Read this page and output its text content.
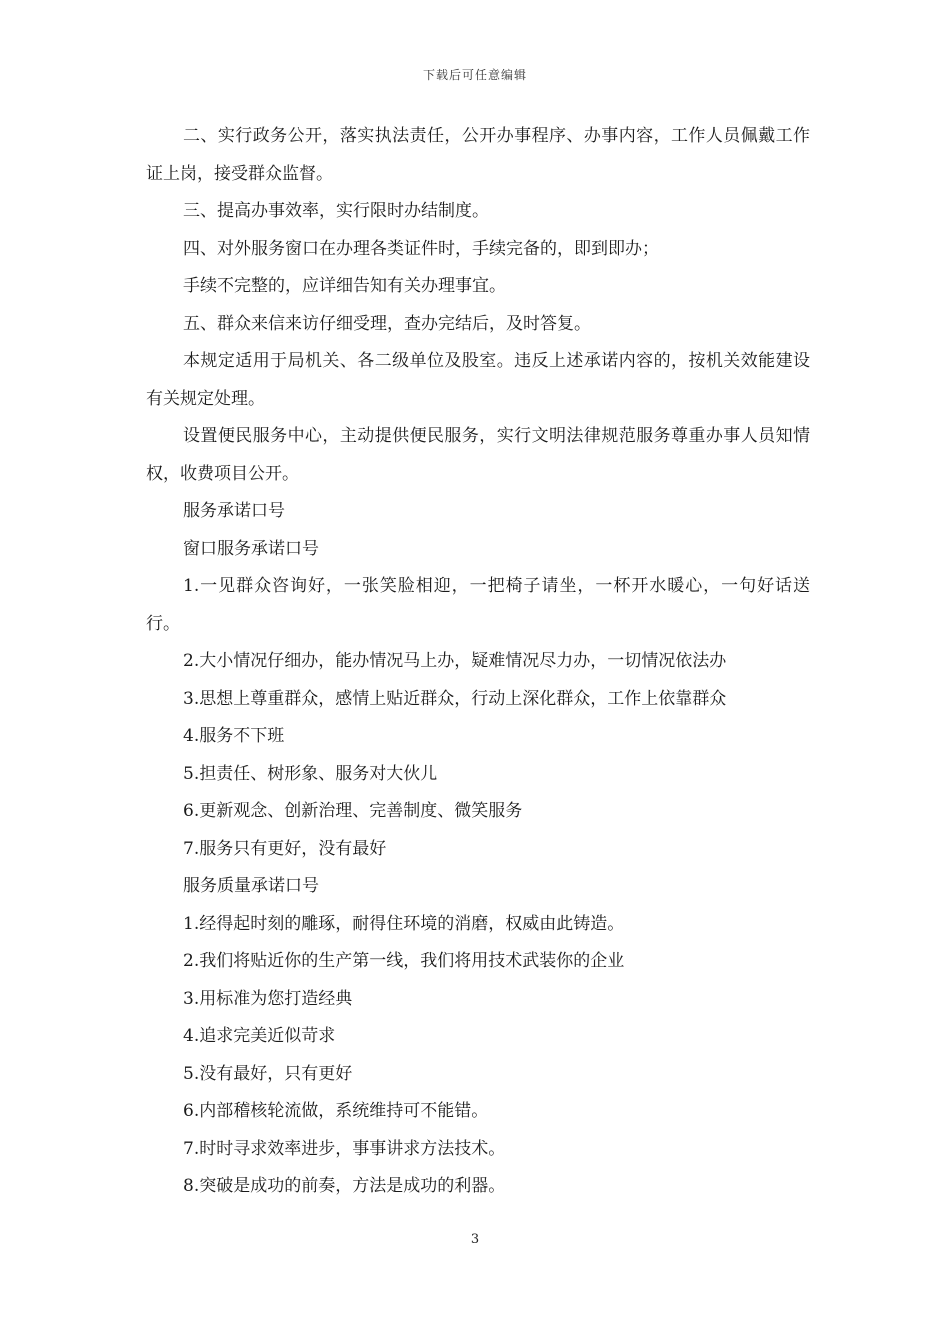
下载后可任意编辑

二、实行政务公开，落实执法责任，公开办事程序、办事内容，工作人员佩戴工作证上岗，接受群众监督。

三、提高办事效率，实行限时办结制度。

四、对外服务窗口在办理各类证件时，手续完备的，即到即办；

手续不完整的，应详细告知有关办理事宜。

五、群众来信来访仔细受理，查办完结后，及时答复。

本规定适用于局机关、各二级单位及股室。违反上述承诺内容的，按机关效能建设有关规定处理。

设置便民服务中心，主动提供便民服务，实行文明法律规范服务尊重办事人员知情权，收费项目公开。

服务承诺口号

窗口服务承诺口号

1.一见群众咨询好，一张笑脸相迎，一把椅子请坐，一杯开水暖心，一句好话送行。

2.大小情况仔细办，能办情况马上办，疑难情况尽力办，一切情况依法办

3.思想上尊重群众，感情上贴近群众，行动上深化群众，工作上依靠群众

4.服务不下班

5.担责任、树形象、服务对大伙儿

6.更新观念、创新治理、完善制度、微笑服务

7.服务只有更好，没有最好

服务质量承诺口号

1.经得起时刻的雕琢，耐得住环境的消磨，权威由此铸造。

2.我们将贴近你的生产第一线，我们将用技术武装你的企业

3.用标准为您打造经典

4.追求完美近似苛求

5.没有最好，只有更好

6.内部稽核轮流做，系统维持可不能错。

7.时时寻求效率进步，事事讲求方法技术。

8.突破是成功的前奏，方法是成功的利器。

3
